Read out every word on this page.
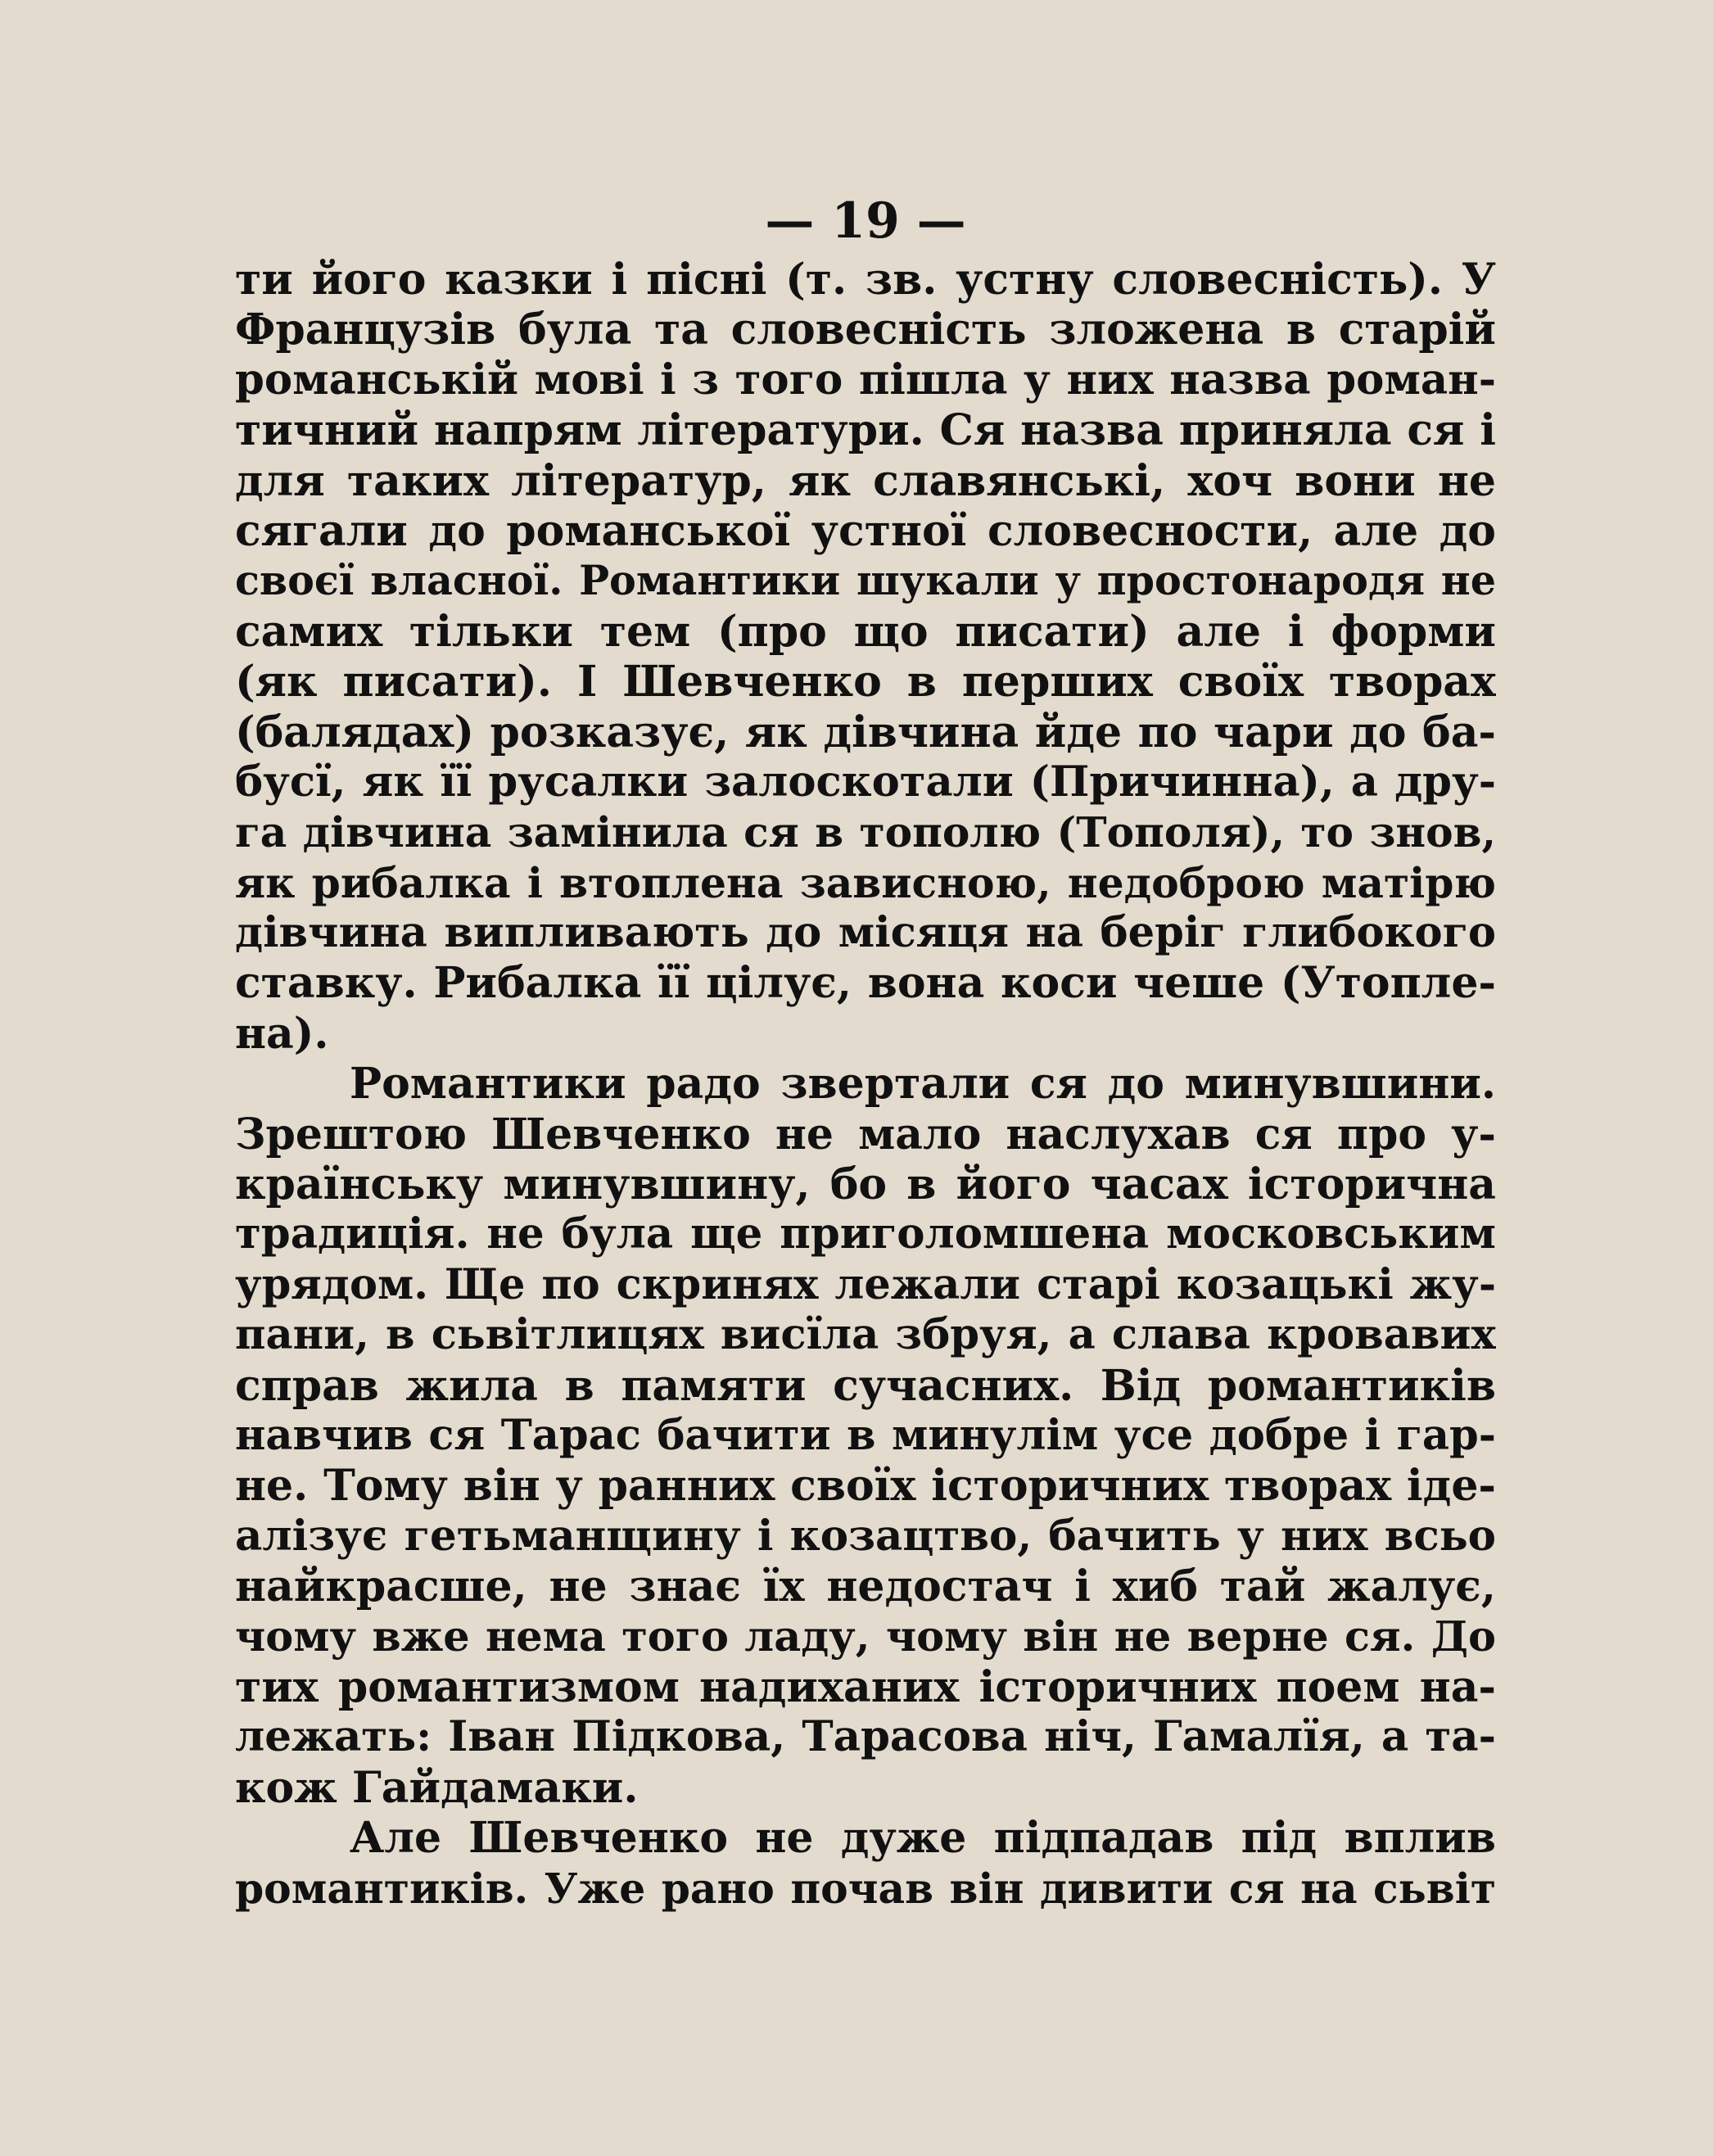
— 19 —
ти його казки і пісні (т. зв. устну словесність). У
Французів була та словесність зложена в старій
романській мові і з того пішла у них назва роман-
тичний напрям літератури. Ся назва приняла ся і
для таких літератур, як славянські, хоч вони не
сягали до романської устної словесности, але до
своєї власної. Романтики шукали у простонародя не
самих тільки тем (про що писати) але і форми
(як писати). І Шевченко в перших своїх творах
(балядах) розказує, як дівчина йде по чари до ба-
бусї, як її русалки залоскотали (Причинна), а дру-
га дівчина замінила ся в тополю (Тополя), то знов,
як рибалка і втоплена зависною, недоброю матірю
дівчина випливають до місяця на беріг глибокого
ставку. Рибалка її цілує, вона коси чеше (Утопле-
на).
Романтики радо звертали ся до минувшини.
Зрештою Шевченко не мало наслухав ся про у-
країнську минувшину, бо в його часах історична
традиція. не була ще приголомшена московським
урядом. Ще по скринях лежали старі козацькі жу-
пани, в сьвітлицях висїла збруя, а слава кровавих
справ жила в памяти сучасних. Від романтиків
навчив ся Тарас бачити в минулім усе добре і гар-
не. Тому він у ранних своїх історичних творах іде-
алізує гетьманщину і козацтво, бачить у них всьо
найкрасше, не знає їх недостач і хиб тай жалує,
чому вже нема того ладу, чому він не верне ся. До
тих романтизмом надиханих історичних поем на-
лежать: Іван Підкова, Тарасова ніч, Гамалїя, а та-
кож Гайдамаки.
Але Шевченко не дуже підпадав під вплив
романтиків. Уже рано почав він дивити ся на сьвіт
